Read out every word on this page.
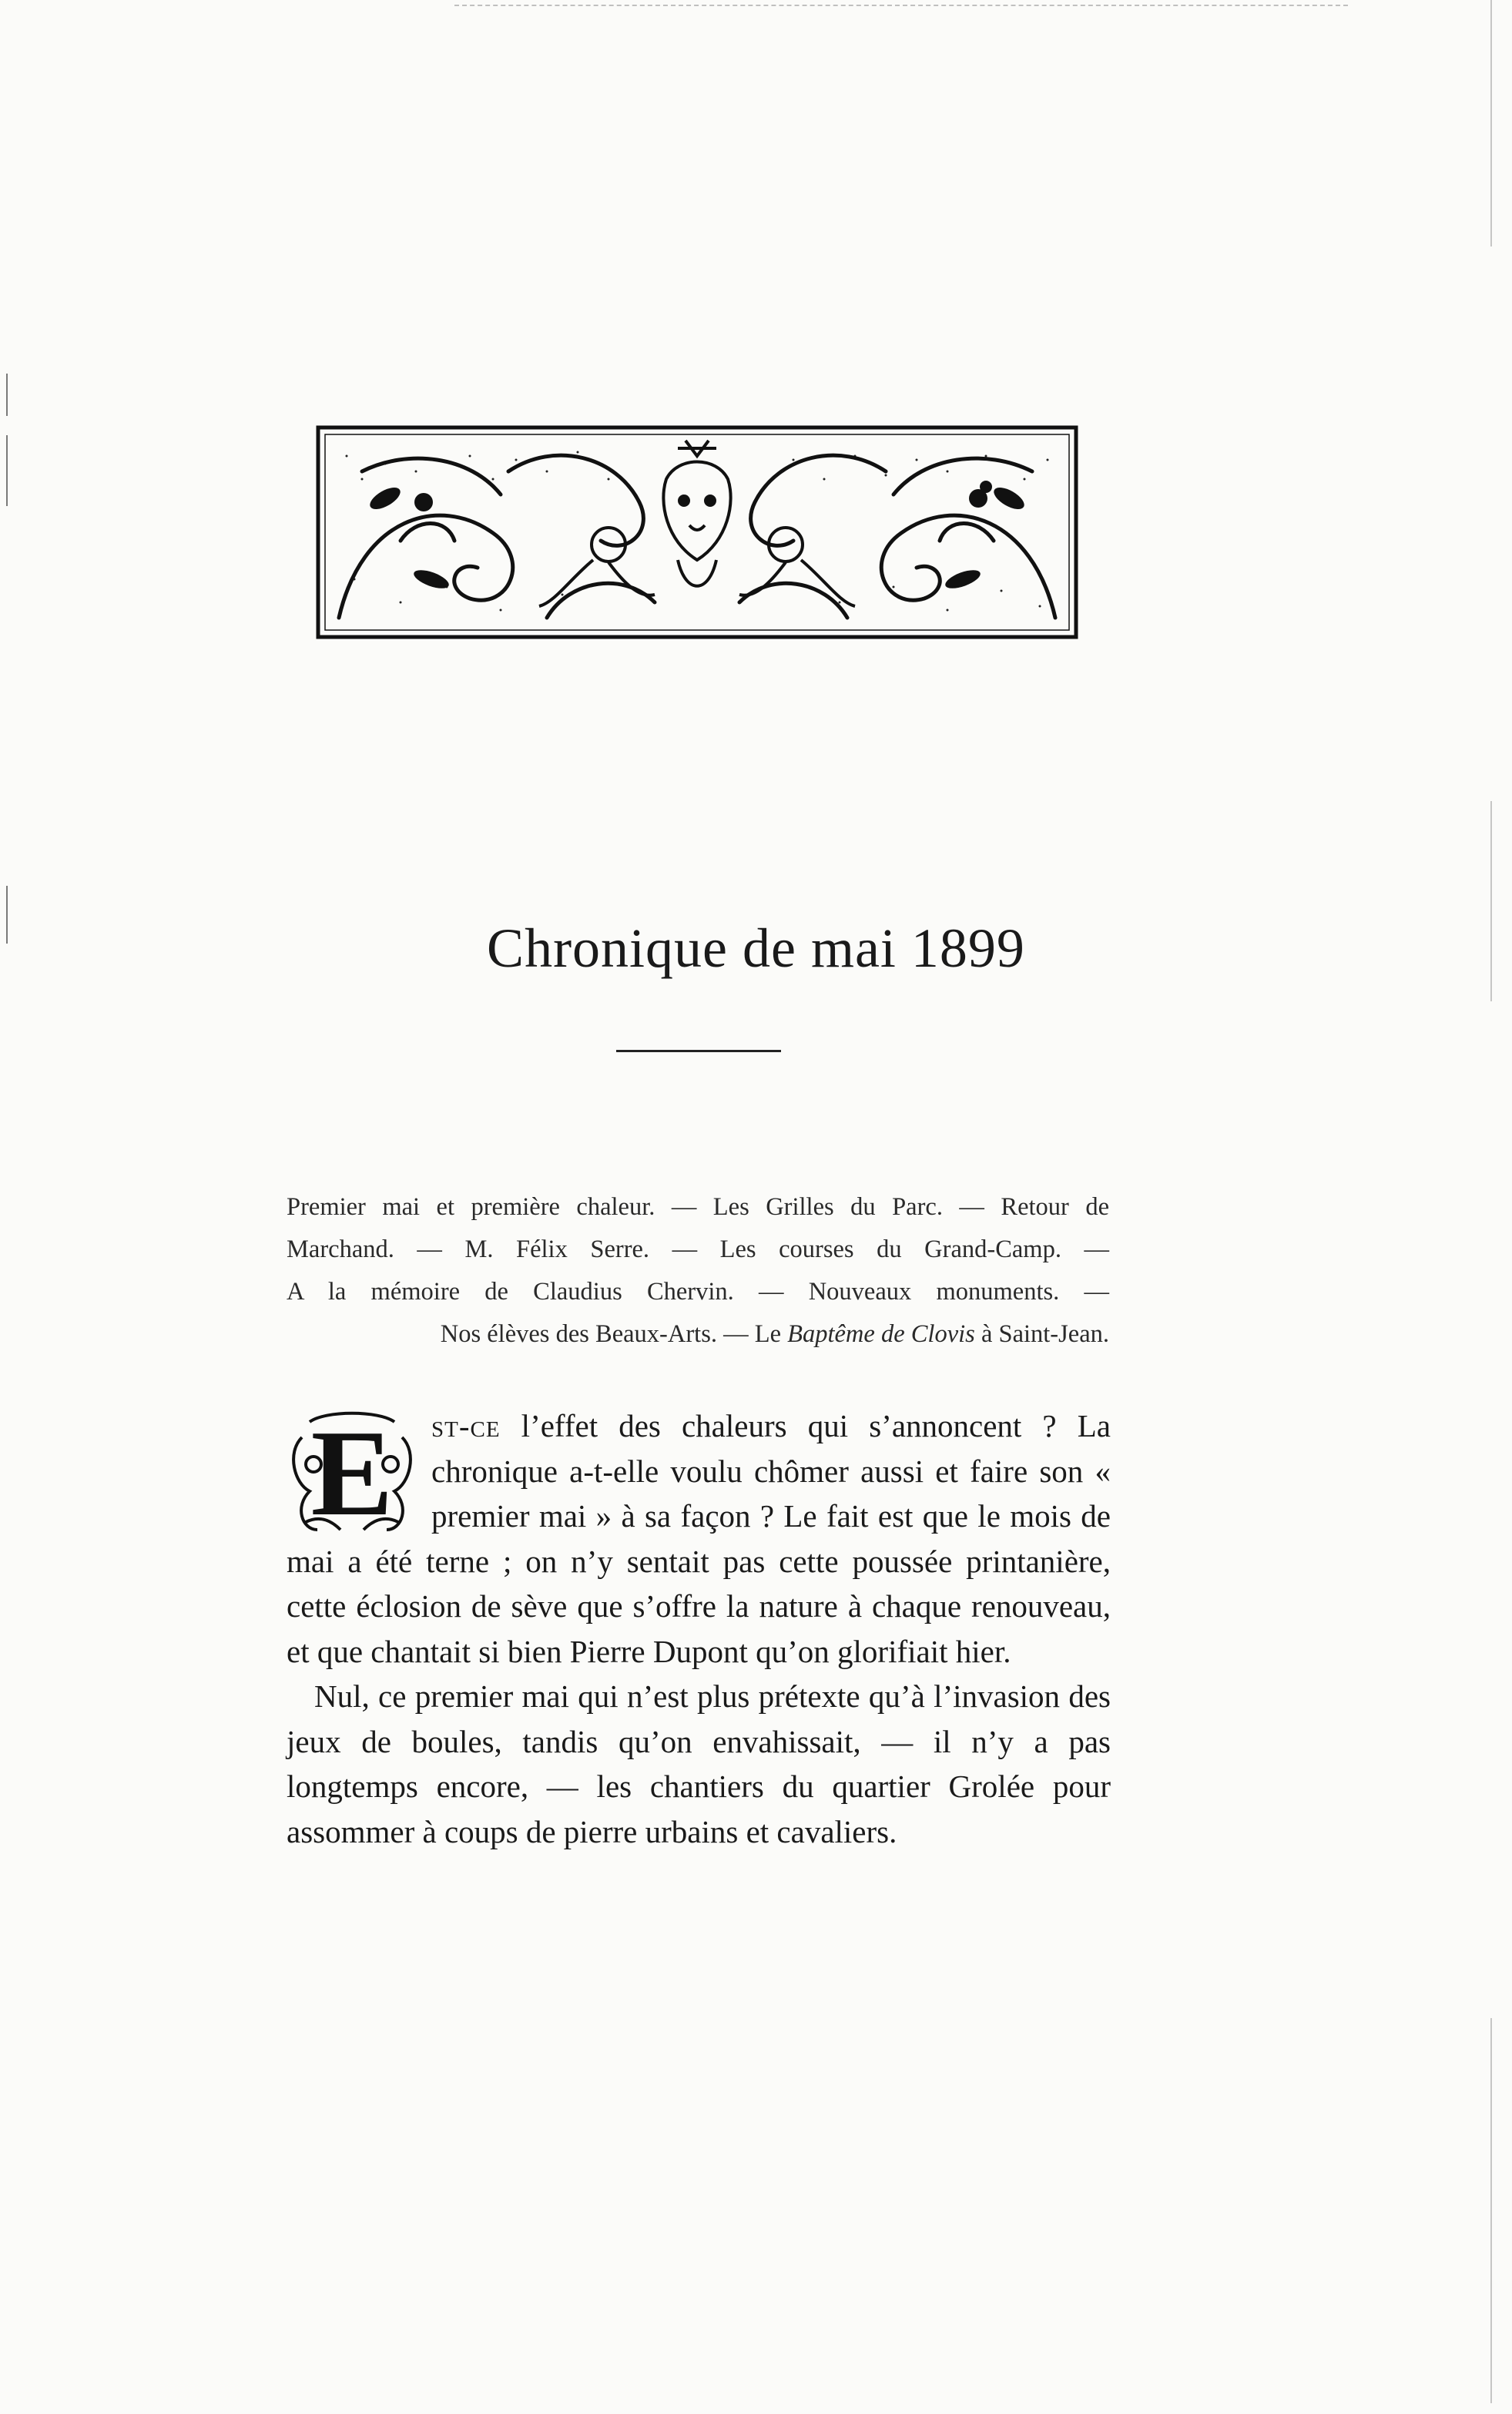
Chronique de mai 1899
Premier mai et première chaleur. — Les Grilles du Parc. — Retour de
Marchand. — M. Félix Serre. — Les courses du Grand-Camp. —
A la mémoire de Claudius Chervin. — Nouveaux monuments. —
Nos élèves des Beaux-Arts. — Le Baptême de Clovis à Saint-Jean.
E	st-ce l’effet des chaleurs qui s’annoncent ? La chronique a-t-elle voulu chômer aussi et faire son « premier mai » à sa façon ? Le fait est que le mois de mai a été terne ; on n’y sentait pas cette poussée printanière, cette éclosion de sève que s’offre la nature à chaque renouveau, et que chantait si bien Pierre Dupont qu’on glorifiait hier.

Nul, ce premier mai qui n’est plus prétexte qu’à l’invasion des jeux de boules, tandis qu’on envahissait, — il n’y a pas longtemps encore, — les chantiers du quartier Grolée pour assommer à coups de pierre urbains et cavaliers.
